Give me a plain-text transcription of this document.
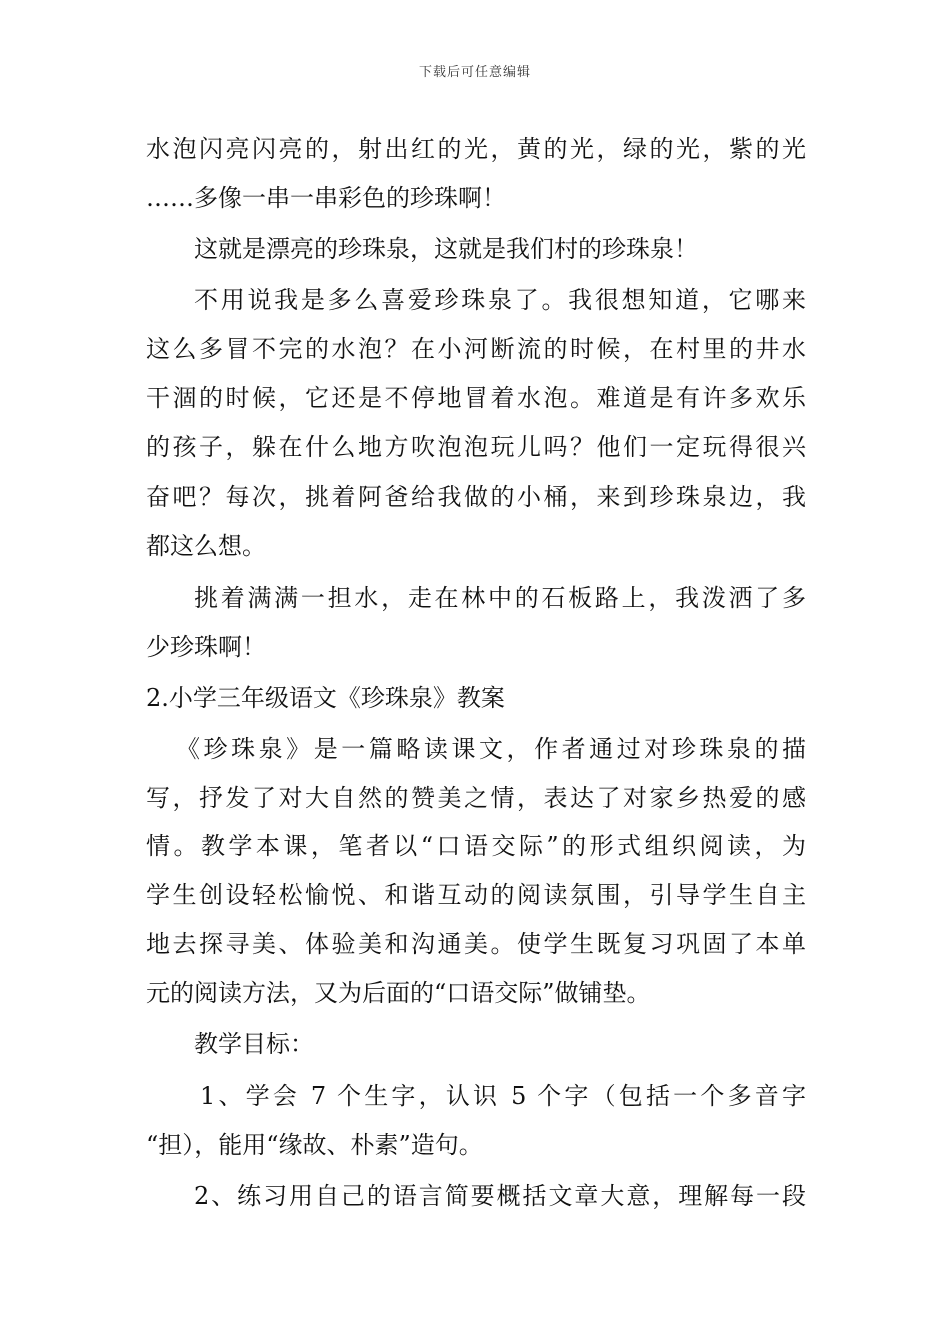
下载后可任意编辑
水泡闪亮闪亮的，射出红的光，黄的光，绿的光，紫的光
……多像一串一串彩色的珍珠啊！
这就是漂亮的珍珠泉，这就是我们村的珍珠泉！
不用说我是多么喜爱珍珠泉了。我很想知道，它哪来
这么多冒不完的水泡？在小河断流的时候，在村里的井水
干涸的时候，它还是不停地冒着水泡。难道是有许多欢乐
的孩子，躲在什么地方吹泡泡玩儿吗？他们一定玩得很兴
奋吧？每次，挑着阿爸给我做的小桶，来到珍珠泉边，我
都这么想。
挑着满满一担水，走在林中的石板路上，我泼洒了多
少珍珠啊！
2.小学三年级语文《珍珠泉》教案
《珍珠泉》是一篇略读课文，作者通过对珍珠泉的描
写，抒发了对大自然的赞美之情，表达了对家乡热爱的感
情。教学本课，笔者以“口语交际”的形式组织阅读，为
学生创设轻松愉悦、和谐互动的阅读氛围，引导学生自主
地去探寻美、体验美和沟通美。使学生既复习巩固了本单
元的阅读方法，又为后面的“口语交际”做铺垫。
教学目标：
1、学会 7 个生字，认识 5 个字（包括一个多音字
“担），能用“缘故、朴素”造句。
2、练习用自己的语言简要概括文章大意，理解每一段
